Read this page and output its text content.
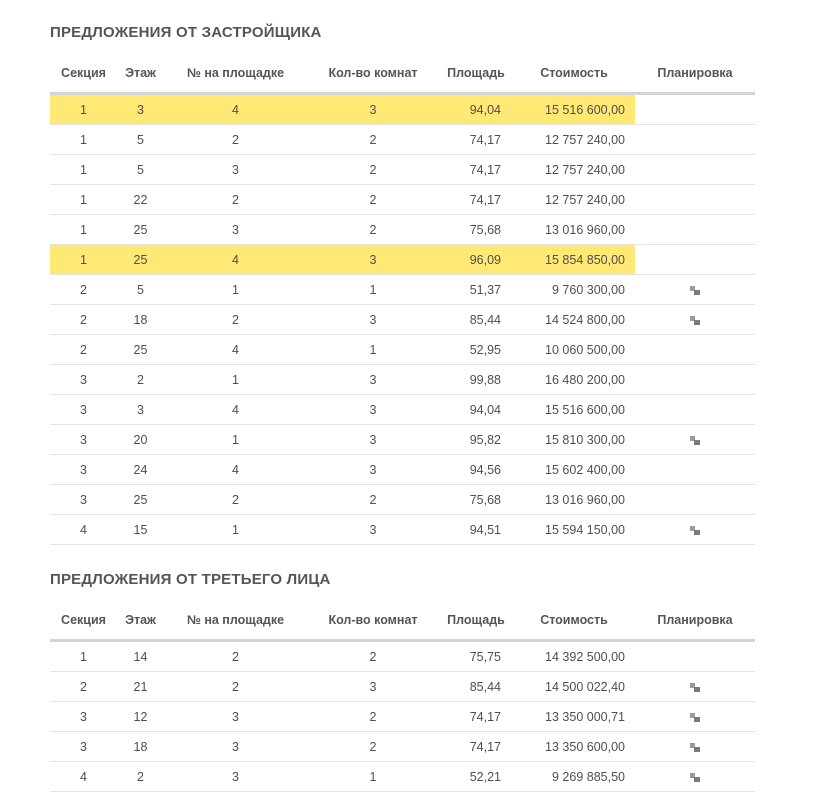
ПРЕДЛОЖЕНИЯ ОТ ЗАСТРОЙЩИКА
Секция	Этаж	№ на площадке	Кол-во комнат	Площадь	Стоимость	Планировка
1	3	4	3	94,04	15 516 600,00	
1	5	2	2	74,17	12 757 240,00	
1	5	3	2	74,17	12 757 240,00	
1	22	2	2	74,17	12 757 240,00	
1	25	3	2	75,68	13 016 960,00	
1	25	4	3	96,09	15 854 850,00	
2	5	1	1	51,37	9 760 300,00	

2	18	2	3	85,44	14 524 800,00	

2	25	4	1	52,95	10 060 500,00	
3	2	1	3	99,88	16 480 200,00	
3	3	4	3	94,04	15 516 600,00	
3	20	1	3	95,82	15 810 300,00	

3	24	4	3	94,56	15 602 400,00	
3	25	2	2	75,68	13 016 960,00	
4	15	1	3	94,51	15 594 150,00	
ПРЕДЛОЖЕНИЯ ОТ ТРЕТЬЕГО ЛИЦА
Секция	Этаж	№ на площадке	Кол-во комнат	Площадь	Стоимость	Планировка
1	14	2	2	75,75	14 392 500,00	
2	21	2	3	85,44	14 500 022,40	

3	12	3	2	74,17	13 350 000,71	

3	18	3	2	74,17	13 350 600,00	

4	2	3	1	52,21	9 269 885,50	
